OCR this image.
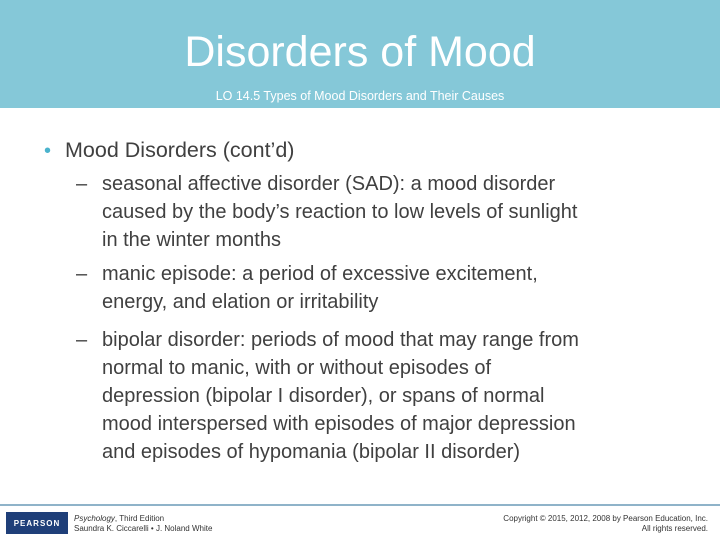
Disorders of Mood
LO 14.5 Types of Mood Disorders and Their Causes
• Mood Disorders (cont’d)
– seasonal affective disorder (SAD): a mood disorder
caused by the body’s reaction to low levels of sunlight
in the winter months
– manic episode: a period of excessive excitement,
energy, and elation or irritability
– bipolar disorder: periods of mood that may range from
normal to manic, with or without episodes of
depression (bipolar I disorder), or spans of normal
mood interspersed with episodes of major depression
and episodes of hypomania (bipolar II disorder)
PEARSON Psychology, Third Edition
Saundra K. Ciccarelli • J. Noland White
Copyright © 2015, 2012, 2008 by Pearson Education, Inc.
All rights reserved.
